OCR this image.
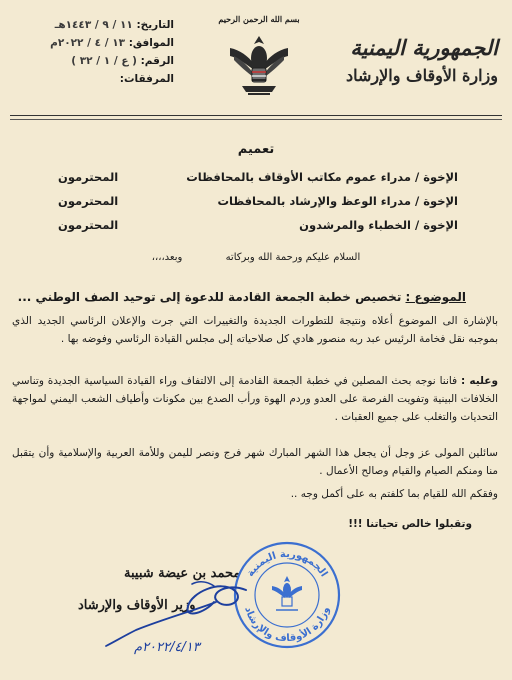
الجمهورية اليمنية
وزارة الأوقاف والإرشاد
بسم الله الرحمن الرحيم
التاريخ: ١١ / ٩ / ١٤٤٣هـ
الموافق: ١٣ / ٤ / ٢٠٢٢م
الرقم: ( ع / ١ / ٣٢ )
المرفقات:
تعميم
الإخوة / مدراء عموم مكاتب الأوقاف بالمحافظات
المحترمون
الإخوة / مدراء الوعظ والإرشاد بالمحافظات
المحترمون
الإخوة / الخطباء والمرشدون
المحترمون
السلام عليكم ورحمة الله وبركاته وبعد،،،،
الموضوع : تخصيص خطبة الجمعة القادمة للدعوة إلى توحيد الصف الوطني ...
بالإشارة الى الموضوع أعلاه ونتيجة للتطورات الجديدة والتغييرات التي جرت والإعلان الرئاسي الجديد الذي بموجبه نقل فخامة الرئيس عبد ربه منصور هادي كل صلاحياته إلى مجلس القيادة الرئاسي وفوضه بها .
وعليه : فاننا نوجه بحث المصلين في خطبة الجمعة القادمة إلى الالتفاف وراء القيادة السياسية الجديدة وتناسي الخلافات البينية وتفويت الفرصة على العدو وردم الهوة ورأب الصدع بين مكونات وأطياف الشعب اليمني لمواجهة التحديات والتغلب على جميع العقبات .
سائلين المولى عز وجل أن يجعل هذا الشهر المبارك شهر فرج ونصر لليمن وللأمة العربية والإسلامية وأن يتقبل منا ومنكم الصيام والقيام وصالح الأعمال .
وفقكم الله للقيام بما كلفتم به على أكمل وجه ..
وتقبلوا خالص تحياتنا !!!
محمد بن عيضة شبيبة
وزير الأوقاف والإرشاد
الجمهورية اليمنية
وزارة الأوقاف والإرشاد
٢٠٢٢/٤/١٣م
